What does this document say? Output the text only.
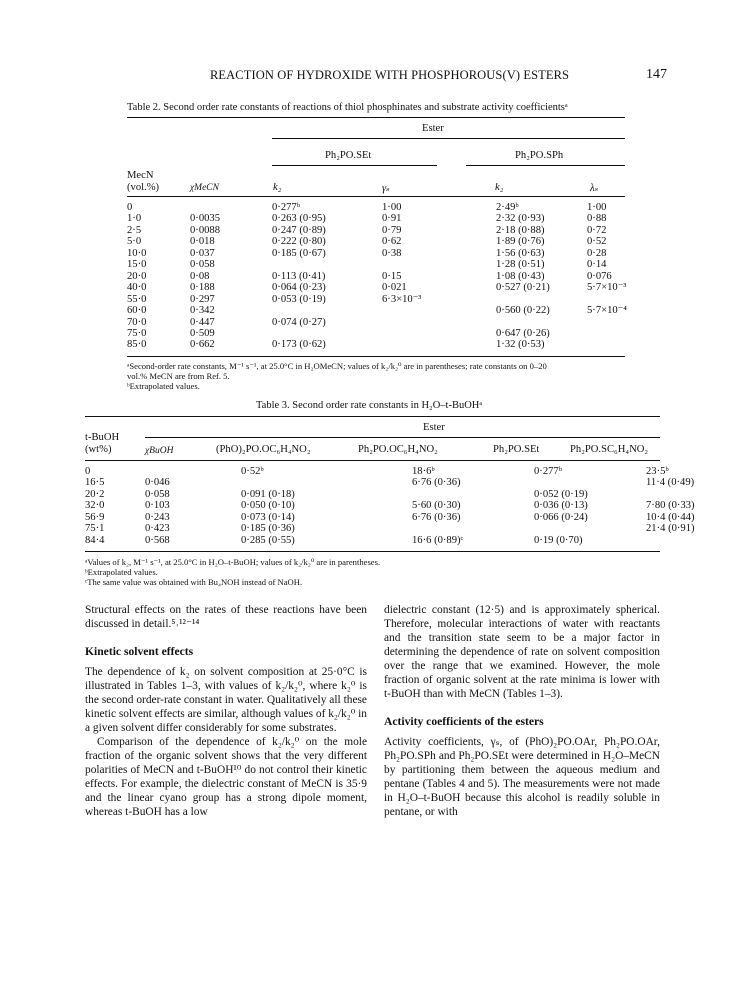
REACTION OF HYDROXIDE WITH PHOSPHOROUS(V) ESTERS	147
Table 2. Second order rate constants of reactions of thiol phosphinates and substrate activity coefficientsᵃ
Ester
Ph₂PO.SEt	Ph₂PO.SPh
MecN
(vol.%)	χMeCN	k₂	γₛ	k₂	λₛ
0		0·277ᵇ	1·00	2·49ᵇ	1·00
1·0	0·0035	0·263 (0·95)	0·91	2·32 (0·93)	0·88
2·5	0·0088	0·247 (0·89)	0·79	2·18 (0·88)	0·72
5·0	0·018	0·222 (0·80)	0·62	1·89 (0·76)	0·52
10·0	0·037	0·185 (0·67)	0·38	1·56 (0·63)	0·28
15·0	0·058			1·28 (0·51)	0·14
20·0	0·08	0·113 (0·41)	0·15	1·08 (0·43)	0·076
40·0	0·188	0·064 (0·23)	0·021	0·527 (0·21)	5·7×10⁻³
55·0	0·297	0·053 (0·19)	6·3×10⁻³		
60·0	0·342			0·560 (0·22)	5·7×10⁻⁴
70·0	0·447	0·074 (0·27)			
75·0	0·509			0·647 (0·26)	
85·0	0·662	0·173 (0·62)		1·32 (0·53)	
ᵃSecond-order rate constants, M⁻¹ s⁻¹, at 25.0°C in H₂OMeCN; values of k₂/k₂⁰ are in parentheses; rate constants on 0–20
vol.% MeCN are from Ref. 5.
ᵇExtrapolated values.
Table 3. Second order rate constants in H₂O–t-BuOHᵃ
Ester
t-BuOH
(wt%)	χBuOH	(PhO)₂PO.OC₆H₄NO₂	Ph₂PO.OC₆H₄NO₂	Ph₂PO.SEt	Ph₂PO.SC₆H₄NO₂
0		0·52ᵇ	18·6ᵇ	0·277ᵇ	23·5ᵇ
16·5	0·046		6·76 (0·36)		11·4 (0·49)
20·2	0·058	0·091 (0·18)		0·052 (0·19)	
32·0	0·103	0·050 (0·10)	5·60 (0·30)	0·036 (0·13)	7·80 (0·33)
56·9	0·243	0·073 (0·14)	6·76 (0·36)	0·066 (0·24)	10·4 (0·44)
75·1	0·423	0·185 (0·36)			21·4 (0·91)
84·4	0·568	0·285 (0·55)	16·6 (0·89)ᶜ	0·19 (0·70)	
ᵃValues of k₂, M⁻¹ s⁻¹, at 25.0°C in H₂O–t-BuOH; values of k₂/k₂⁰ are in parentheses.
ᵇExtrapolated values.
ᶜThe same value was obtained with Bu₄NOH instead of NaOH.

Structural effects on the rates of these reactions have been discussed in detail.⁵˒¹²⁻¹⁴

Kinetic solvent effects

The dependence of k₂ on solvent composition at 25·0°C is illustrated in Tables 1–3, with values of k₂/k₂⁰, where k₂⁰ is the second order-rate constant in water. Qualitatively all these kinetic solvent effects are similar, although values of k₂/k₂⁰ in a given solvent differ considerably for some substrates.

Comparison of the dependence of k₂/k₂⁰ on the mole fraction of the organic solvent shows that the very different polarities of MeCN and t-BuOH¹⁰ do not control their kinetic effects. For example, the dielectric constant of MeCN is 35·9 and the linear cyano group has a strong dipole moment, whereas t-BuOH has a low

dielectric constant (12·5) and is approximately spherical. Therefore, molecular interactions of water with reactants and the transition state seem to be a major factor in determining the dependence of rate on solvent composition over the range that we examined. However, the mole fraction of organic solvent at the rate minima is lower with t-BuOH than with MeCN (Tables 1–3).

Activity coefficients of the esters

Activity coefficients, γₛ, of (PhO)₂PO.OAr, Ph₂PO.OAr, Ph₂PO.SPh and Ph₂PO.SEt were determined in H₂O–MeCN by partitioning them between the aqueous medium and pentane (Tables 4 and 5). The measurements were not made in H₂O–t-BuOH because this alcohol is readily soluble in pentane, or with
